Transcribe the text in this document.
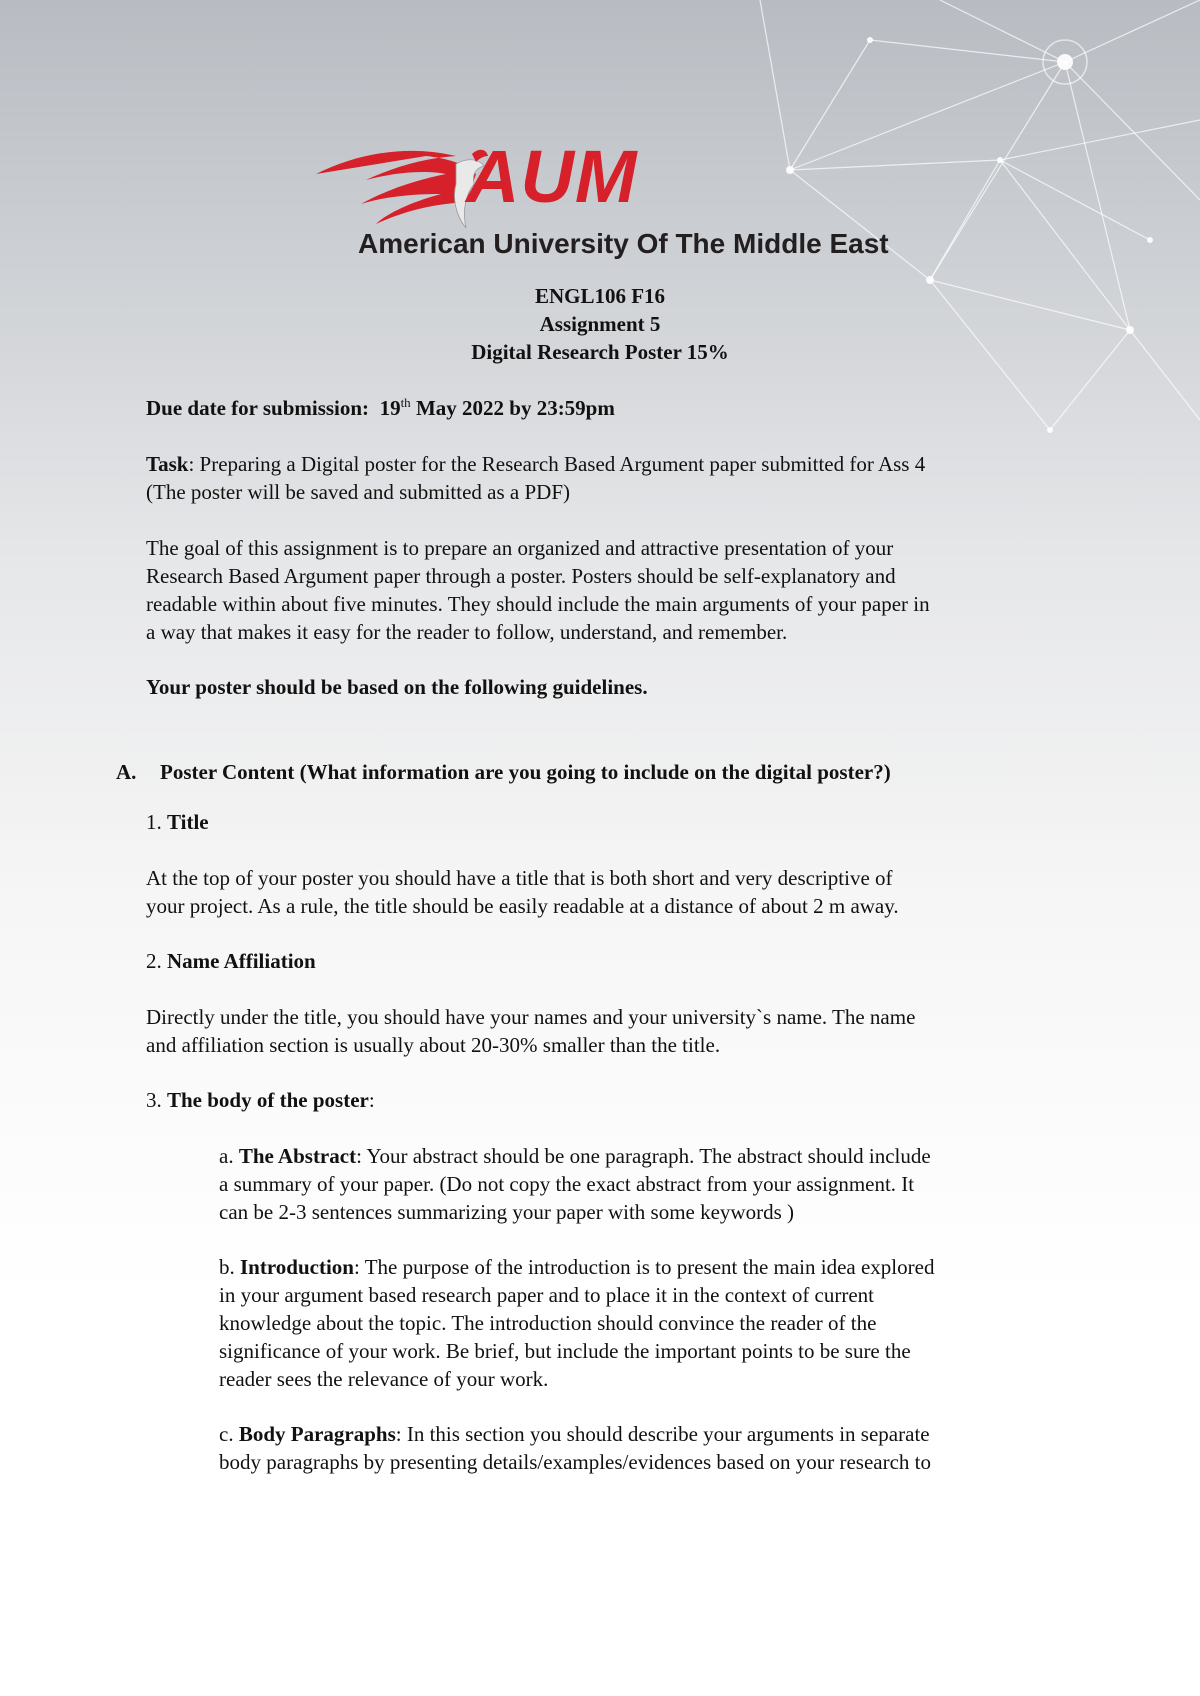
AUM
American University Of The Middle East
ENGL106 F16
Assignment 5
Digital Research Poster 15%
Due date for submission: 19th May 2022 by 23:59pm
Task: Preparing a Digital poster for the Research Based Argument paper submitted for Ass 4
(The poster will be saved and submitted as a PDF)
The goal of this assignment is to prepare an organized and attractive presentation of your
Research Based Argument paper through a poster. Posters should be self-explanatory and
readable within about five minutes. They should include the main arguments of your paper in
a way that makes it easy for the reader to follow, understand, and remember.
Your poster should be based on the following guidelines.
A. Poster Content (What information are you going to include on the digital poster?)
1. Title
At the top of your poster you should have a title that is both short and very descriptive of
your project. As a rule, the title should be easily readable at a distance of about 2 m away.
2. Name Affiliation
Directly under the title, you should have your names and your university`s name. The name
and affiliation section is usually about 20-30% smaller than the title.
3. The body of the poster:
a. The Abstract: Your abstract should be one paragraph. The abstract should include
a summary of your paper. (Do not copy the exact abstract from your assignment. It
can be 2-3 sentences summarizing your paper with some keywords )
b. Introduction: The purpose of the introduction is to present the main idea explored
in your argument based research paper and to place it in the context of current
knowledge about the topic. The introduction should convince the reader of the
significance of your work. Be brief, but include the important points to be sure the
reader sees the relevance of your work.
c. Body Paragraphs: In this section you should describe your arguments in separate
body paragraphs by presenting details/examples/evidences based on your research to
